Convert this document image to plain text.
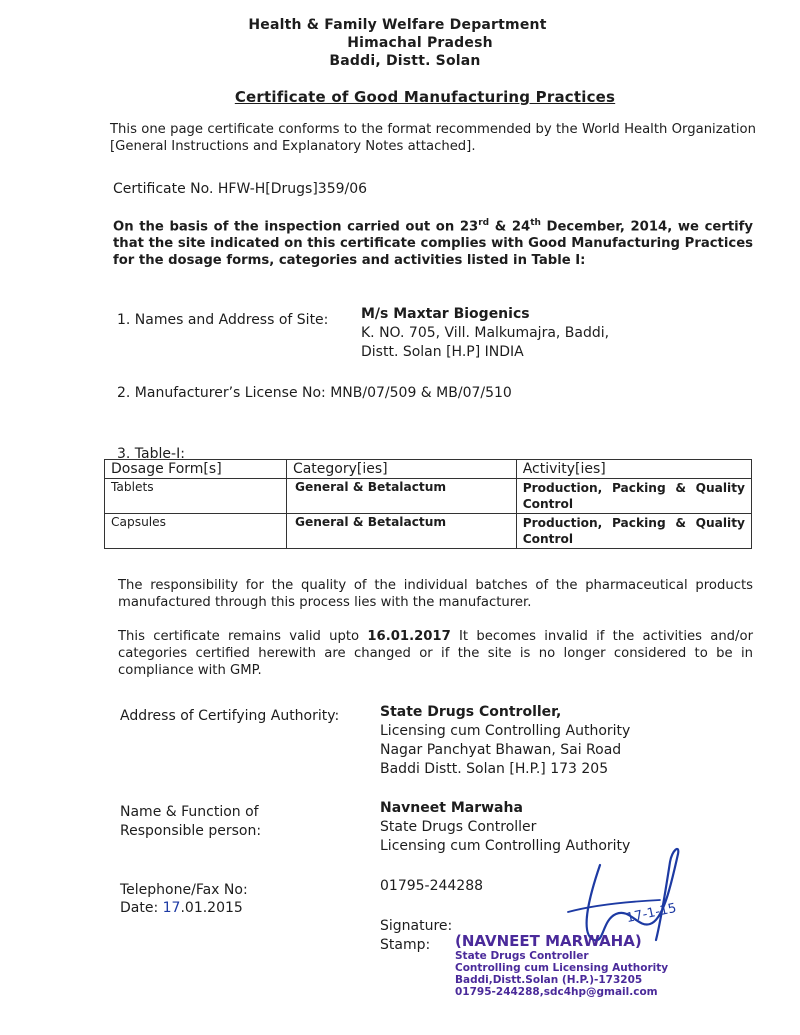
Health & Family Welfare Department
Himachal Pradesh
Baddi, Distt. Solan
Certificate of Good Manufacturing Practices
This one page certificate conforms to the format recommended by the World Health Organization [General Instructions and Explanatory Notes attached].
Certificate No. HFW-H[Drugs]359/06
On the basis of the inspection carried out on 23rd & 24th December, 2014, we certify that the site indicated on this certificate complies with Good Manufacturing Practices for the dosage forms, categories and activities listed in Table I:
1. Names and Address of Site: M/s Maxtar Biogenics
K. NO. 705, Vill. Malkumajra, Baddi,
Distt. Solan [H.P] INDIA
2. Manufacturer’s License No: MNB/07/509 & MB/07/510
3. Table-I:
Dosage Form[s]	Category[ies]	Activity[ies]
Tablets	General & Betalactum	Production, Packing & Quality Control
Capsules	General & Betalactum	Production, Packing & Quality Control
The responsibility for the quality of the individual batches of the pharmaceutical products manufactured through this process lies with the manufacturer.
This certificate remains valid upto 16.01.2017 It becomes invalid if the activities and/or categories certified herewith are changed or if the site is no longer considered to be in compliance with GMP.
Address of Certifying Authority:	State Drugs Controller,
Licensing cum Controlling Authority
Nagar Panchyat Bhawan, Sai Road
Baddi Distt. Solan [H.P.] 173 205
Name & Function of
Responsible person:
Navneet Marwaha
State Drugs Controller
Licensing cum Controlling Authority
Telephone/Fax No:	01795-244288
Date: 17.01.2015
Signature:
Stamp:
17-1-15
(NAVNEET MARWAHA)
State Drugs Controller
Controlling cum Licensing Authority
Baddi,Distt.Solan (H.P.)-173205
01795-244288,sdc4hp@gmail.com
